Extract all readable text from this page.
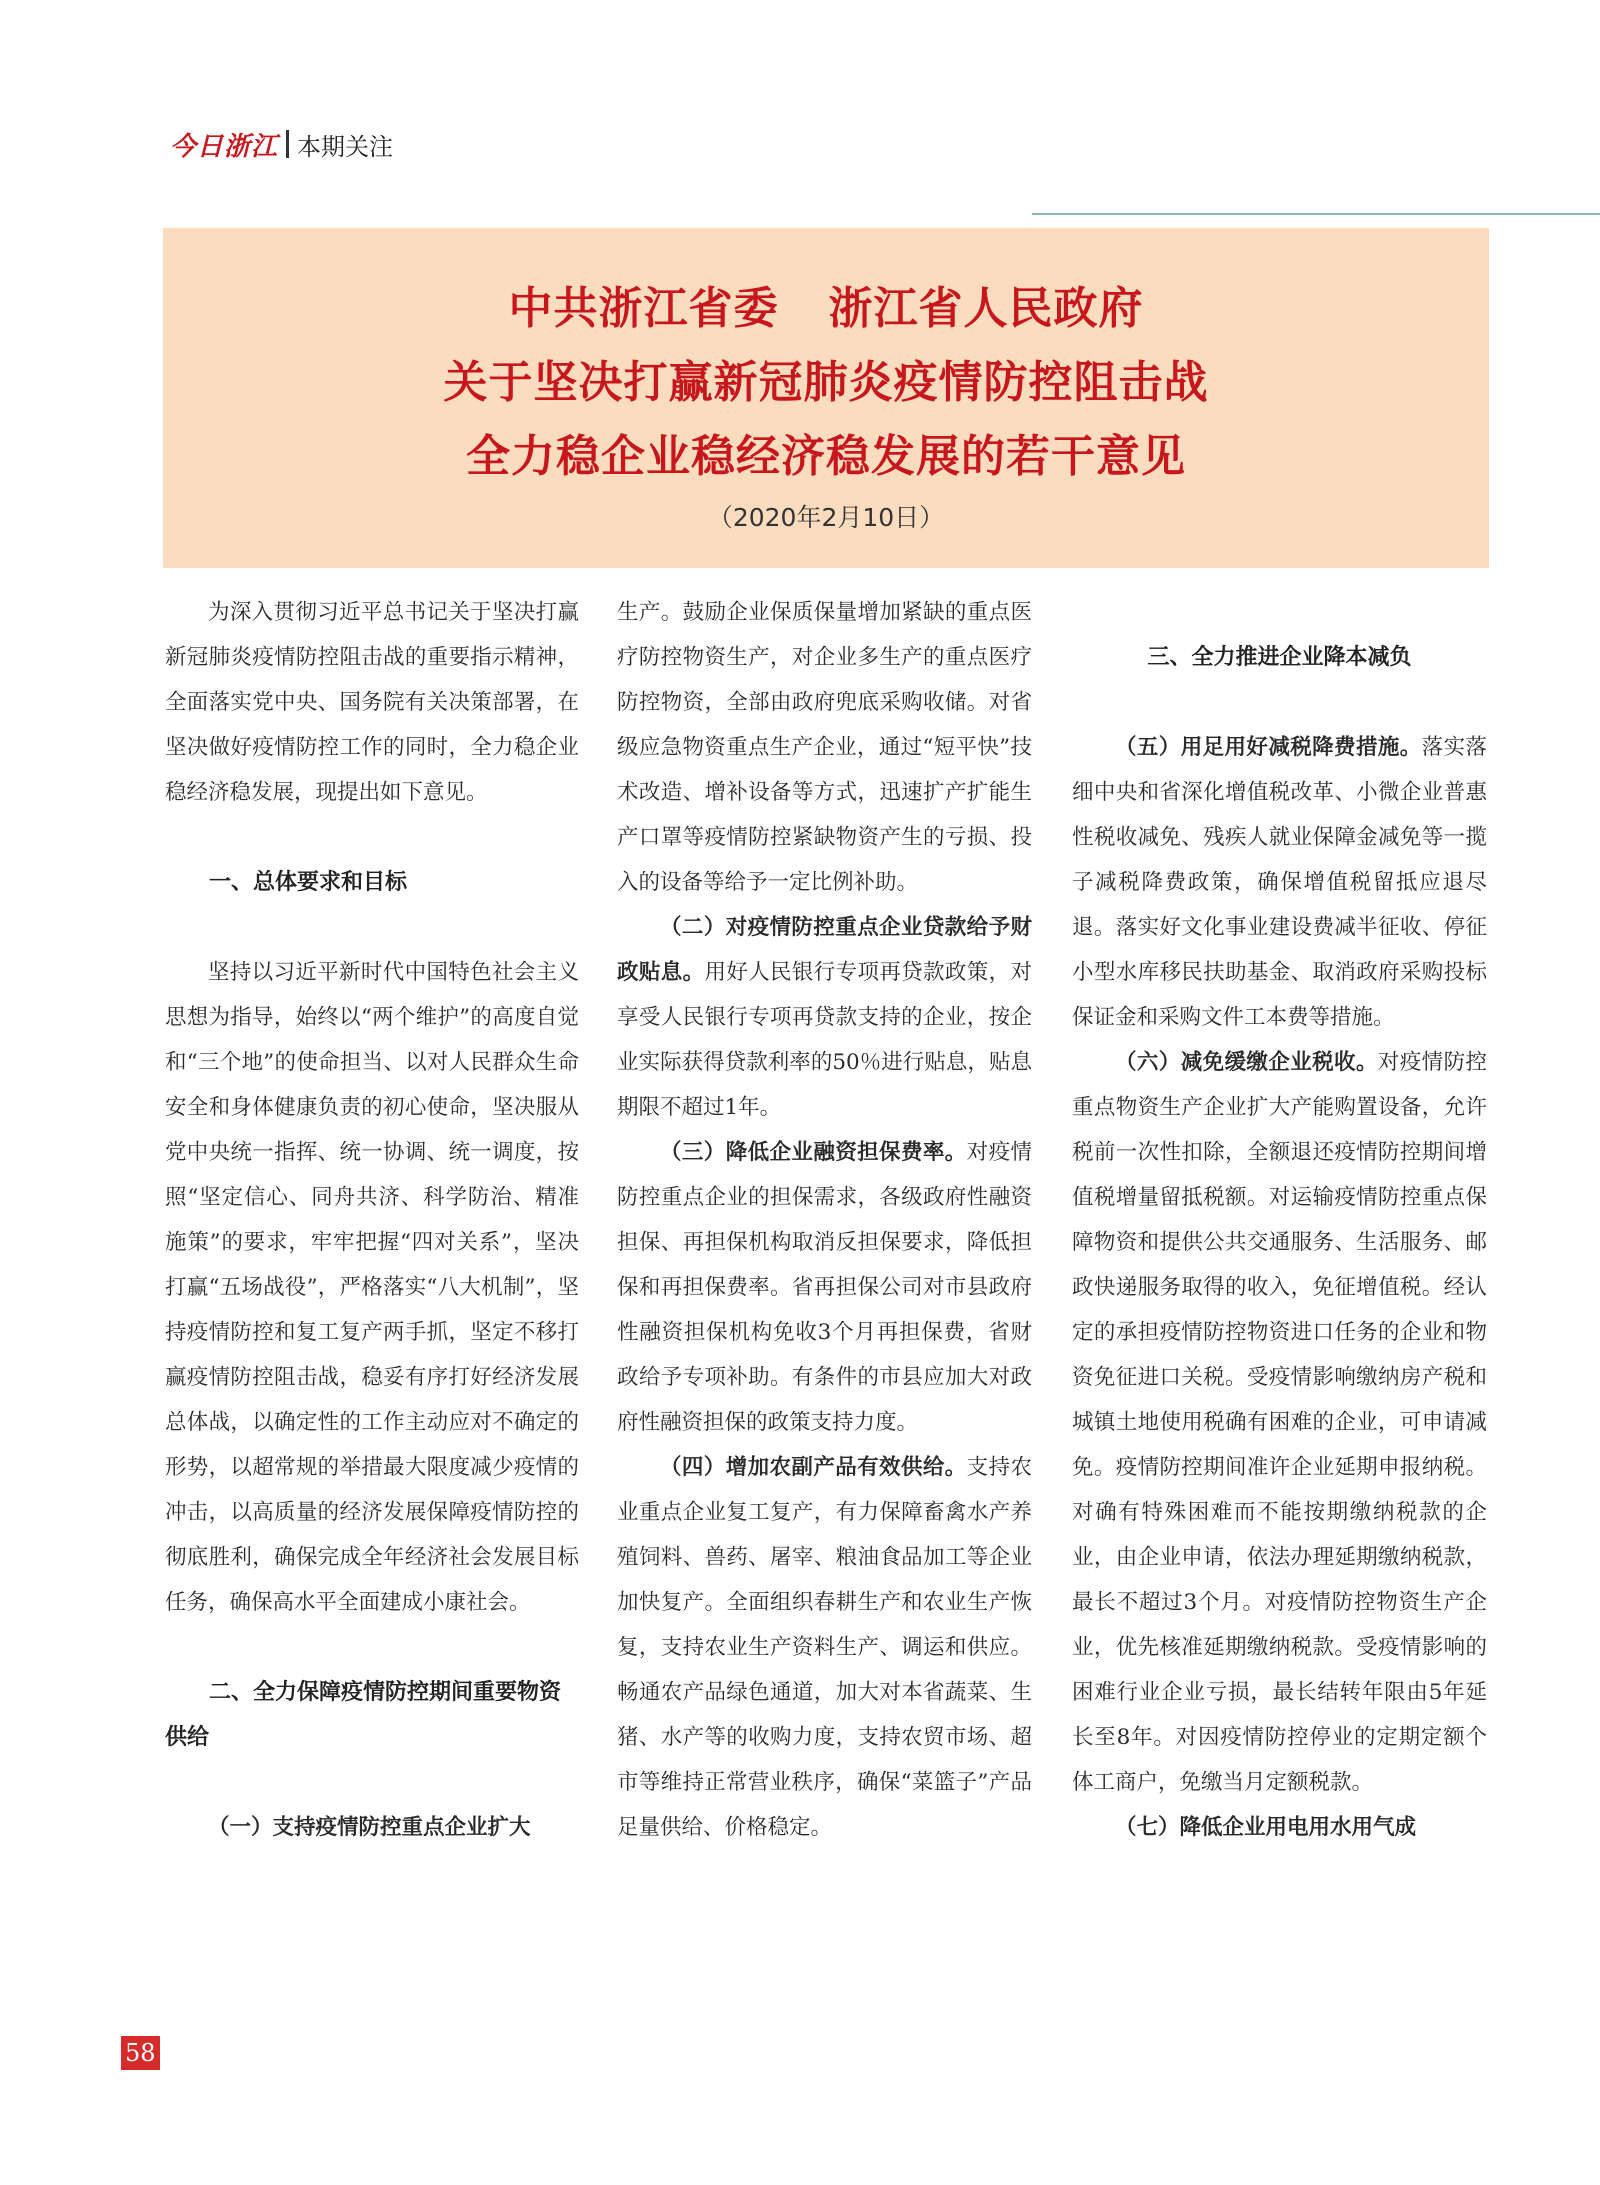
今日浙江 本期关注
中共浙江省委 浙江省人民政府
关于坚决打赢新冠肺炎疫情防控阻击战
全力稳企业稳经济稳发展的若干意见
（2020年2月10日）

为深入贯彻习近平总书记关于坚决打赢新冠肺炎疫情防控阻击战的重要指示精神，全面落实党中央、国务院有关决策部署，在坚决做好疫情防控工作的同时，全力稳企业稳经济稳发展，现提出如下意见。

一、总体要求和目标

坚持以习近平新时代中国特色社会主义思想为指导，始终以“两个维护”的高度自觉和“三个地”的使命担当、以对人民群众生命安全和身体健康负责的初心使命，坚决服从党中央统一指挥、统一协调、统一调度，按照“坚定信心、同舟共济、科学防治、精准施策”的要求，牢牢把握“四对关系”，坚决打赢“五场战役”，严格落实“八大机制”，坚持疫情防控和复工复产两手抓，坚定不移打赢疫情防控阻击战，稳妥有序打好经济发展总体战，以确定性的工作主动应对不确定的形势，以超常规的举措最大限度减少疫情的冲击，以高质量的经济发展保障疫情防控的彻底胜利，确保完成全年经济社会发展目标任务，确保高水平全面建成小康社会。

二、全力保障疫情防控期间重要物资供给

（一）支持疫情防控重点企业扩大

生产。鼓励企业保质保量增加紧缺的重点医疗防控物资生产，对企业多生产的重点医疗防控物资，全部由政府兜底采购收储。对省级应急物资重点生产企业，通过“短平快”技术改造、增补设备等方式，迅速扩产扩能生产口罩等疫情防控紧缺物资产生的亏损、投入的设备等给予一定比例补助。

（二）对疫情防控重点企业贷款给予财政贴息。用好人民银行专项再贷款政策，对享受人民银行专项再贷款支持的企业，按企业实际获得贷款利率的50％进行贴息，贴息期限不超过1年。

（三）降低企业融资担保费率。对疫情防控重点企业的担保需求，各级政府性融资担保、再担保机构取消反担保要求，降低担保和再担保费率。省再担保公司对市县政府性融资担保机构免收3个月再担保费，省财政给予专项补助。有条件的市县应加大对政府性融资担保的政策支持力度。

（四）增加农副产品有效供给。支持农业重点企业复工复产，有力保障畜禽水产养殖饲料、兽药、屠宰、粮油食品加工等企业加快复产。全面组织春耕生产和农业生产恢复，支持农业生产资料生产、调运和供应。畅通农产品绿色通道，加大对本省蔬菜、生猪、水产等的收购力度，支持农贸市场、超市等维持正常营业秩序，确保“菜篮子”产品足量供给、价格稳定。

三、全力推进企业降本减负

（五）用足用好减税降费措施。落实落细中央和省深化增值税改革、小微企业普惠性税收减免、残疾人就业保障金减免等一揽子减税降费政策，确保增值税留抵应退尽退。落实好文化事业建设费减半征收、停征小型水库移民扶助基金、取消政府采购投标保证金和采购文件工本费等措施。

（六）减免缓缴企业税收。对疫情防控重点物资生产企业扩大产能购置设备，允许税前一次性扣除，全额退还疫情防控期间增值税增量留抵税额。对运输疫情防控重点保障物资和提供公共交通服务、生活服务、邮政快递服务取得的收入，免征增值税。经认定的承担疫情防控物资进口任务的企业和物资免征进口关税。受疫情影响缴纳房产税和城镇土地使用税确有困难的企业，可申请减免。疫情防控期间准许企业延期申报纳税。对确有特殊困难而不能按期缴纳税款的企业，由企业申请，依法办理延期缴纳税款，最长不超过3个月。对疫情防控物资生产企业，优先核准延期缴纳税款。受疫情影响的困难行业企业亏损，最长结转年限由5年延长至8年。对因疫情防控停业的定期定额个体工商户，免缴当月定额税款。

（七）降低企业用电用水用气成

58
